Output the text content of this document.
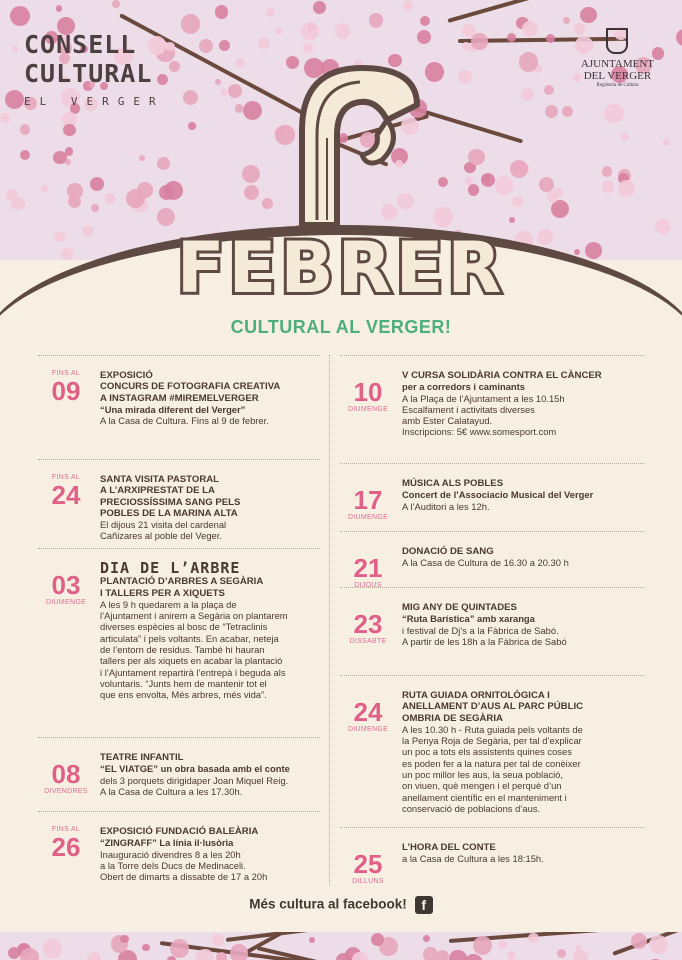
CONSELL
CULTURAL
EL VERGER
AJUNTAMENT
DEL VERGER
Regidoria de Cultura
FEBRER
CULTURAL AL VERGER!
FINS AL
09
EXPOSICIÓ
CONCURS DE FOTOGRAFIA CREATIVA
A INSTAGRAM #MIREMELVERGER
“Una mirada diferent del Verger”
A la Casa de Cultura. Fins al 9 de febrer.
FINS AL
24
SANTA VISITA PASTORAL
A L’ARXIPRESTAT DE LA
PRECIOSSÍSSIMA SANG PELS
POBLES DE LA MARINA ALTA
El dijous 21 visita del cardenal
Cañizares al poble del Veger.
03
DIUMENGE
DIA DE L’ARBRE
PLANTACIÓ D’ARBRES A SEGÀRIA
I TALLERS PER A XIQUETS
A les 9 h quedarem a la plaça de
l’Ajuntament i anirem a Segària on plantarem
diverses espècies al bosc de “Tetraclinis
articulata” i pels voltants. En acabar, neteja
de l’entorn de residus. També hi hauran
tallers per als xiquets en acabar la plantació
i l’Ajuntament repartirà l’entrepà i beguda als
voluntaris. “Junts hem de mantenir tot el
que ens envolta, Més arbres, més vida”.
08
DIVENDRES
TEATRE INFANTIL
“EL VIATGE” un obra basada amb el conte
dels 3 porquets dirigidaper Joan Miquel Reig.
A la Casa de Cultura a les 17.30h.
FINS AL
26
EXPOSICIÓ FUNDACIÓ BALEÀRIA
“ZINGRAFF” La línia il·lusòria
Inauguració divendres 8 a les 20h
a la Torre dels Ducs de Medinaceli.
Obert de dimarts a dissabte de 17 a 20h
10
DIUMENGE
V CURSA SOLIDÀRIA CONTRA EL CÀNCER
per a corredors i caminants
A la Plaça de l’Ajuntament a les 10.15h
Escalfament i activitats diverses
amb Ester Calatayud.
Inscripcions: 5€ www.somesport.com
17
DIUMENGE
MÚSICA ALS POBLES
Concert de l’Associacio Musical del Verger
A l’Auditori a les 12h.
21
DIJOUS
DONACIÓ DE SANG
A la Casa de Cultura de 16.30 a 20.30 h
23
DISSABTE
MIG ANY DE QUINTADES
“Ruta Barística” amb xaranga
i festival de Dj’s a la Fàbrica de Sabó.
A partir de les 18h a la Fàbrica de Sabó
24
DIUMENGE
RUTA GUIADA ORNITOLÒGICA I
ANELLAMENT D’AUS AL PARC PÚBLIC
OMBRIA DE SEGÀRIA
A les 10.30 h - Ruta guiada pels voltants de
la Penya Roja de Segària, per tal d’explicar
un poc a tots els assistents quines coses
es poden fer a la natura per tal de conèixer
un poc millor les aus, la seua població,
on viuen, què mengen i el perquè d’un
anellament científic en el manteniment i
conservació de poblacions d’aus.
25
DILLUNS
L’HORA DEL CONTE
a la Casa de Cultura a les 18:15h.
Més cultura al facebook! f
